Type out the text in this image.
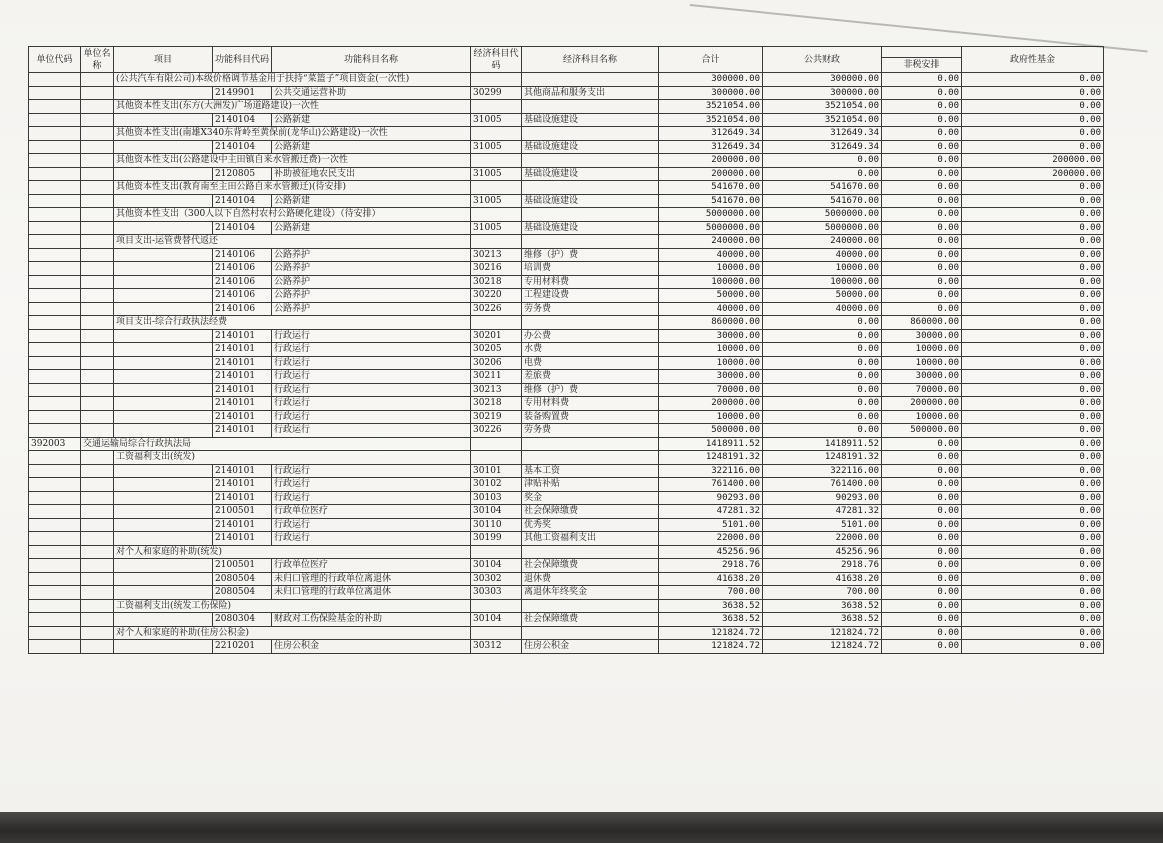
单位代码	单位名称	项目	功能科目代码	功能科目名称	经济科目代码	经济科目名称	合计	公共财政		政府性基金
									非税安排	
		(公共汽车有限公司)本级价格调节基金用于扶持“菜篮子”项目资金(一次性)					300000.00	300000.00	0.00	0.00
			2149901	公共交通运营补助	30299	其他商品和服务支出	300000.00	300000.00	0.00	0.00
		其他资本性支出(东方(大洲发)广场道路建设)一次性					3521054.00	3521054.00	0.00	0.00
			2140104	公路新建	31005	基础设施建设	3521054.00	3521054.00	0.00	0.00
		其他资本性支出(南雄X340东背岭至黄保前(龙华山)公路建设)一次性					312649.34	312649.34	0.00	0.00
			2140104	公路新建	31005	基础设施建设	312649.34	312649.34	0.00	0.00
		其他资本性支出(公路建设中主田镇自来水管搬迁费)一次性					200000.00	0.00	0.00	200000.00
			2120805	补助被征地农民支出	31005	基础设施建设	200000.00	0.00	0.00	200000.00
		其他资本性支出(教育南至主田公路自来水管搬迁)(待安排)					541670.00	541670.00	0.00	0.00
			2140104	公路新建	31005	基础设施建设	541670.00	541670.00	0.00	0.00
		其他资本性支出（300人以下自然村农村公路硬化建设）（待安排）					5000000.00	5000000.00	0.00	0.00
			2140104	公路新建	31005	基础设施建设	5000000.00	5000000.00	0.00	0.00
		项目支出-运管费替代返还					240000.00	240000.00	0.00	0.00
			2140106	公路养护	30213	维修（护）费	40000.00	40000.00	0.00	0.00
			2140106	公路养护	30216	培训费	10000.00	10000.00	0.00	0.00
			2140106	公路养护	30218	专用材料费	100000.00	100000.00	0.00	0.00
			2140106	公路养护	30220	工程建设费	50000.00	50000.00	0.00	0.00
			2140106	公路养护	30226	劳务费	40000.00	40000.00	0.00	0.00
		项目支出-综合行政执法经费					860000.00	0.00	860000.00	0.00
			2140101	行政运行	30201	办公费	30000.00	0.00	30000.00	0.00
			2140101	行政运行	30205	水费	10000.00	0.00	10000.00	0.00
			2140101	行政运行	30206	电费	10000.00	0.00	10000.00	0.00
			2140101	行政运行	30211	差旅费	30000.00	0.00	30000.00	0.00
			2140101	行政运行	30213	维修（护）费	70000.00	0.00	70000.00	0.00
			2140101	行政运行	30218	专用材料费	200000.00	0.00	200000.00	0.00
			2140101	行政运行	30219	装备购置费	10000.00	0.00	10000.00	0.00
			2140101	行政运行	30226	劳务费	500000.00	0.00	500000.00	0.00
392003	交通运输局综合行政执法局						1418911.52	1418911.52	0.00	0.00
		工资福利支出(统发)					1248191.32	1248191.32	0.00	0.00
			2140101	行政运行	30101	基本工资	322116.00	322116.00	0.00	0.00
			2140101	行政运行	30102	津贴补贴	761400.00	761400.00	0.00	0.00
			2140101	行政运行	30103	奖金	90293.00	90293.00	0.00	0.00
			2100501	行政单位医疗	30104	社会保障缴费	47281.32	47281.32	0.00	0.00
			2140101	行政运行	30110	优秀奖	5101.00	5101.00	0.00	0.00
			2140101	行政运行	30199	其他工资福利支出	22000.00	22000.00	0.00	0.00
		对个人和家庭的补助(统发)					45256.96	45256.96	0.00	0.00
			2100501	行政单位医疗	30104	社会保障缴费	2918.76	2918.76	0.00	0.00
			2080504	未归口管理的行政单位离退休	30302	退休费	41638.20	41638.20	0.00	0.00
			2080504	未归口管理的行政单位离退休	30303	离退休年终奖金	700.00	700.00	0.00	0.00
		工资福利支出(统发工伤保险)					3638.52	3638.52	0.00	0.00
			2080304	财政对工伤保险基金的补助	30104	社会保障缴费	3638.52	3638.52	0.00	0.00
		对个人和家庭的补助(住房公积金)					121824.72	121824.72	0.00	0.00
			2210201	住房公积金	30312	住房公积金	121824.72	121824.72	0.00	0.00
